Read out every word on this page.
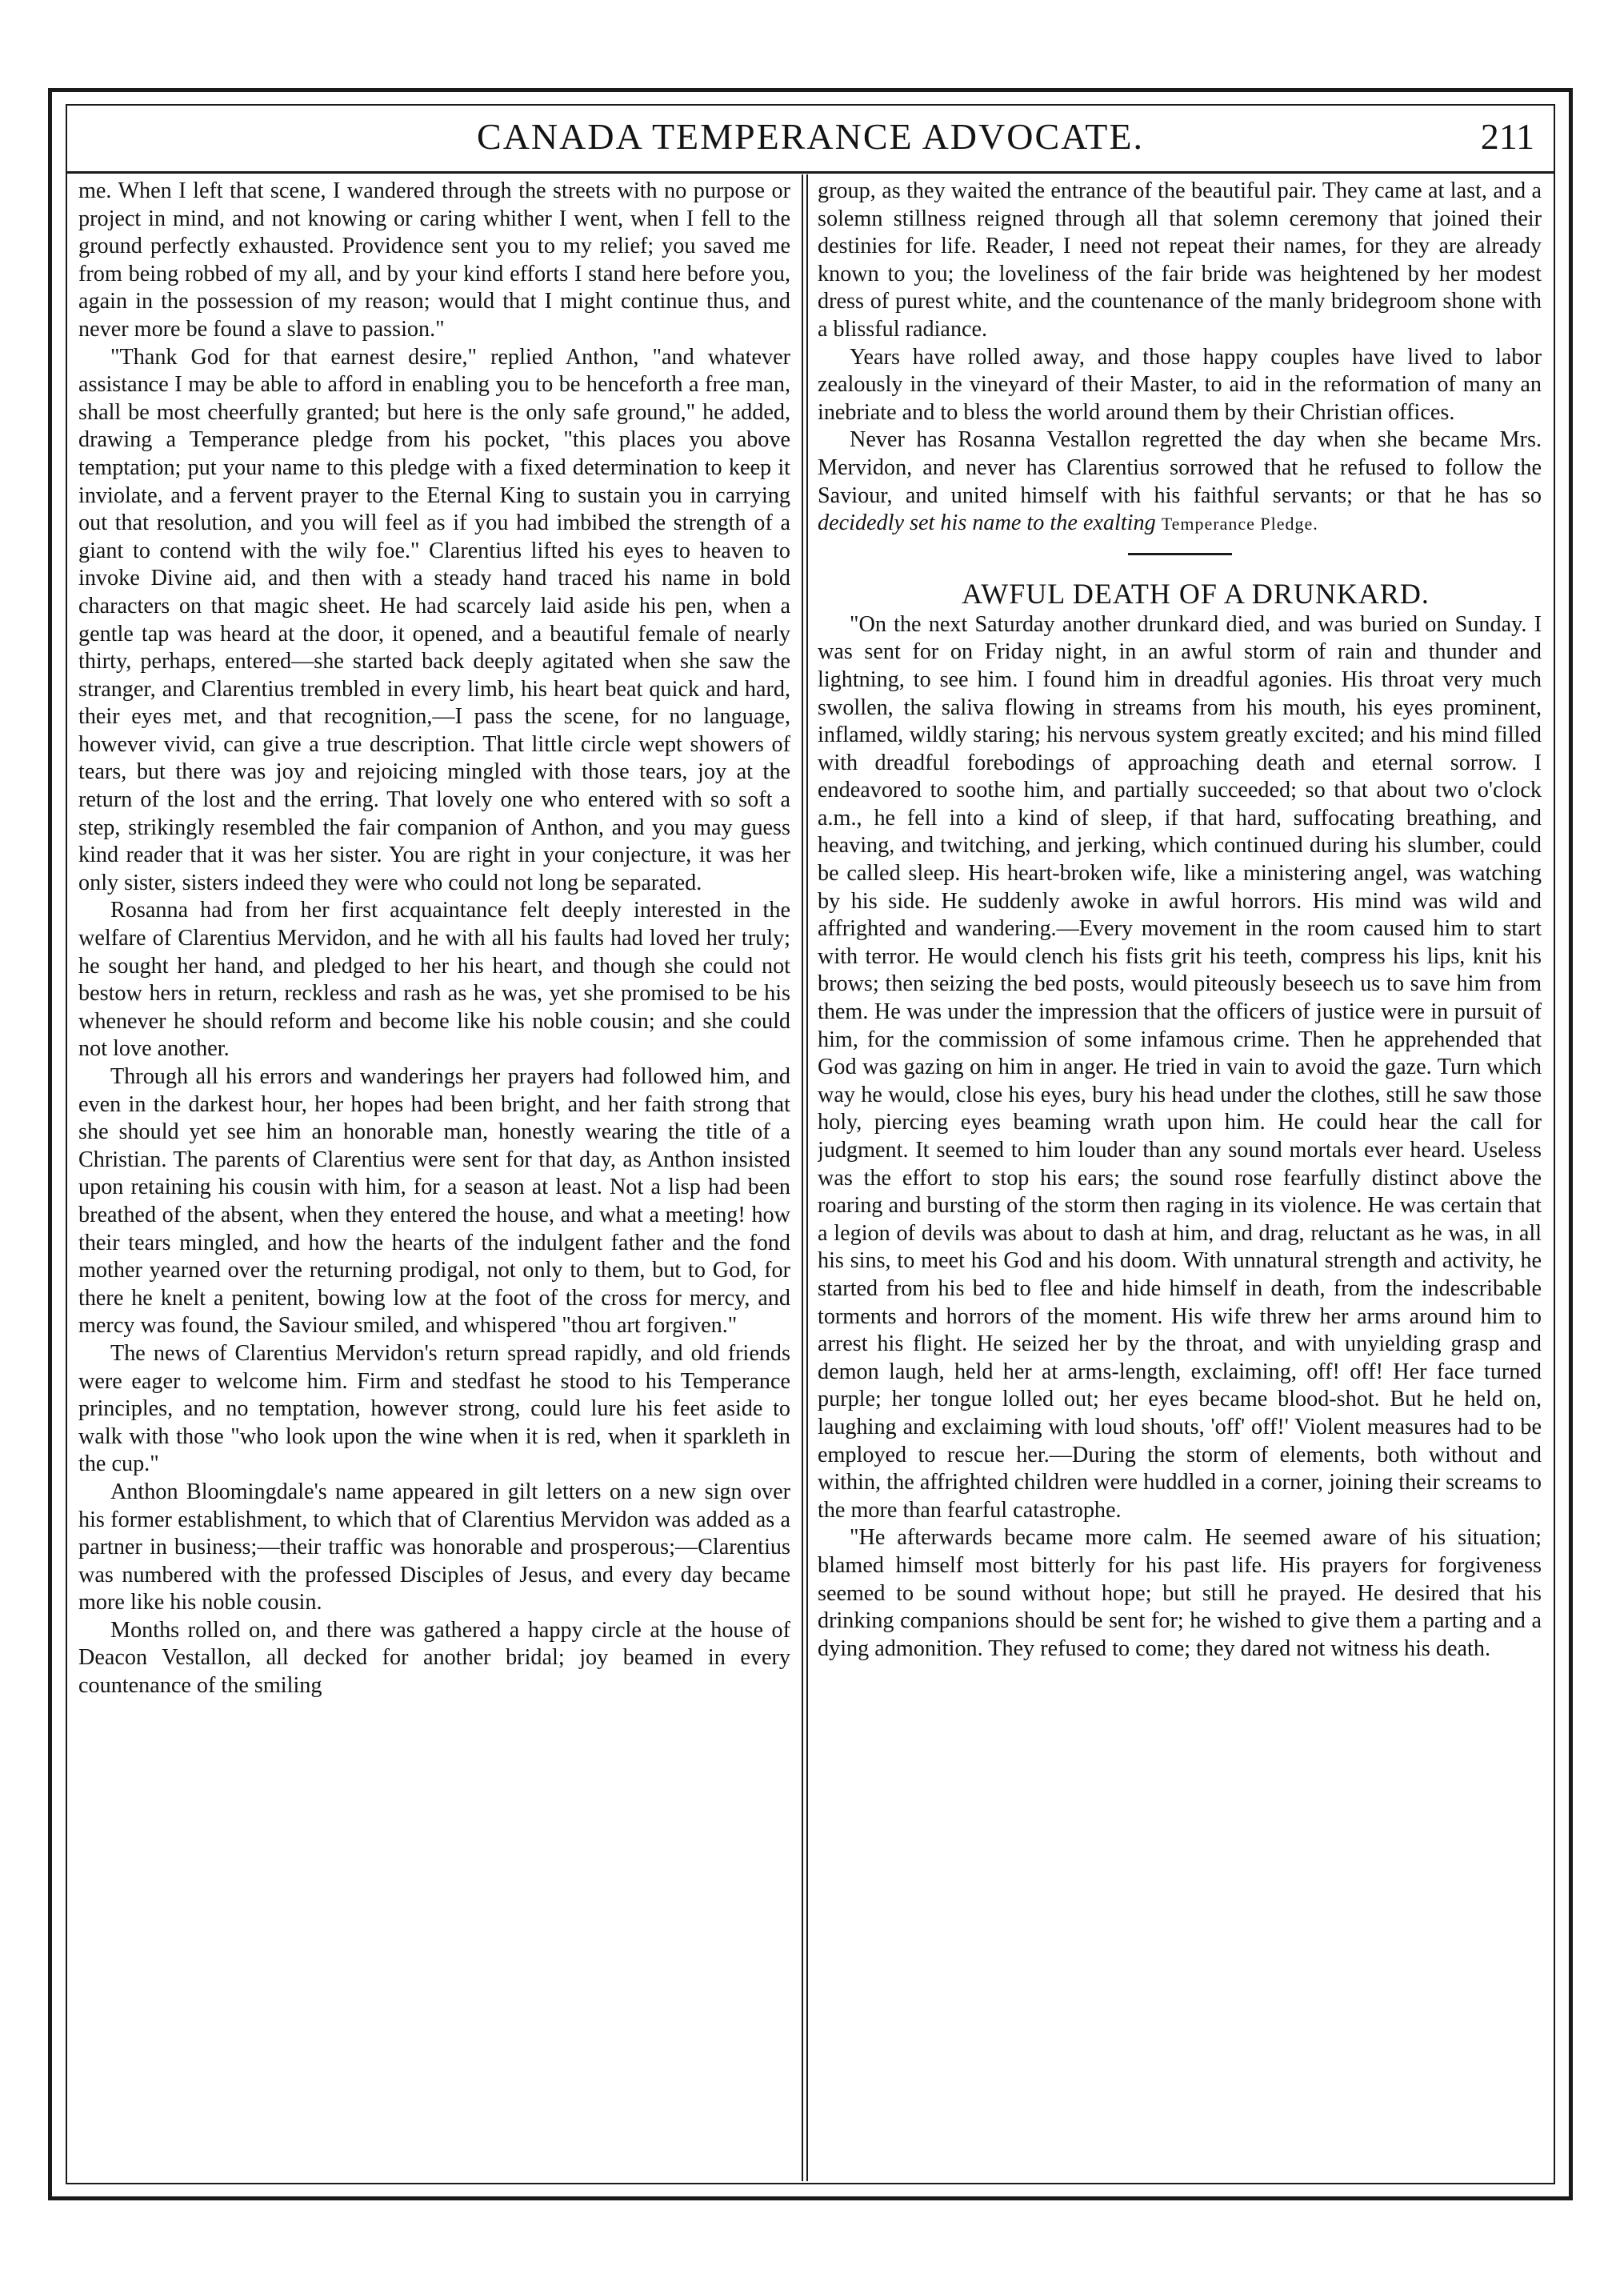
CANADA TEMPERANCE ADVOCATE.	211

me. When I left that scene, I wandered through the streets with no purpose or project in mind, and not knowing or caring whither I went, when I fell to the ground perfectly exhausted. Providence sent you to my relief; you saved me from being robbed of my all, and by your kind efforts I stand here before you, again in the possession of my reason; would that I might continue thus, and never more be found a slave to passion."

"Thank God for that earnest desire," replied Anthon, "and whatever assistance I may be able to afford in enabling you to be henceforth a free man, shall be most cheerfully granted; but here is the only safe ground," he added, drawing a Temperance pledge from his pocket, "this places you above temptation; put your name to this pledge with a fixed determination to keep it inviolate, and a fervent prayer to the Eternal King to sustain you in carrying out that resolution, and you will feel as if you had imbibed the strength of a giant to contend with the wily foe." Clarentius lifted his eyes to heaven to invoke Divine aid, and then with a steady hand traced his name in bold characters on that magic sheet. He had scarcely laid aside his pen, when a gentle tap was heard at the door, it opened, and a beautiful female of nearly thirty, perhaps, entered—she started back deeply agitated when she saw the stranger, and Clarentius trembled in every limb, his heart beat quick and hard, their eyes met, and that recognition,—I pass the scene, for no language, however vivid, can give a true description. That little circle wept showers of tears, but there was joy and rejoicing mingled with those tears, joy at the return of the lost and the erring. That lovely one who entered with so soft a step, strikingly resembled the fair companion of Anthon, and you may guess kind reader that it was her sister. You are right in your conjecture, it was her only sister, sisters indeed they were who could not long be separated.

Rosanna had from her first acquaintance felt deeply interested in the welfare of Clarentius Mervidon, and he with all his faults had loved her truly; he sought her hand, and pledged to her his heart, and though she could not bestow hers in return, reckless and rash as he was, yet she promised to be his whenever he should reform and become like his noble cousin; and she could not love another.

Through all his errors and wanderings her prayers had followed him, and even in the darkest hour, her hopes had been bright, and her faith strong that she should yet see him an honorable man, honestly wearing the title of a Christian. The parents of Clarentius were sent for that day, as Anthon insisted upon retaining his cousin with him, for a season at least. Not a lisp had been breathed of the absent, when they entered the house, and what a meeting! how their tears mingled, and how the hearts of the indulgent father and the fond mother yearned over the returning prodigal, not only to them, but to God, for there he knelt a penitent, bowing low at the foot of the cross for mercy, and mercy was found, the Saviour smiled, and whispered "thou art forgiven."

The news of Clarentius Mervidon's return spread rapidly, and old friends were eager to welcome him. Firm and stedfast he stood to his Temperance principles, and no temptation, however strong, could lure his feet aside to walk with those "who look upon the wine when it is red, when it sparkleth in the cup."

Anthon Bloomingdale's name appeared in gilt letters on a new sign over his former establishment, to which that of Clarentius Mervidon was added as a partner in business;—their traffic was honorable and prosperous;—Clarentius was numbered with the professed Disciples of Jesus, and every day became more like his noble cousin.

Months rolled on, and there was gathered a happy circle at the house of Deacon Vestallon, all decked for another bridal; joy beamed in every countenance of the smiling

group, as they waited the entrance of the beautiful pair. They came at last, and a solemn stillness reigned through all that solemn ceremony that joined their destinies for life. Reader, I need not repeat their names, for they are already known to you; the loveliness of the fair bride was heightened by her modest dress of purest white, and the countenance of the manly bridegroom shone with a blissful radiance.

Years have rolled away, and those happy couples have lived to labor zealously in the vineyard of their Master, to aid in the reformation of many an inebriate and to bless the world around them by their Christian offices.

Never has Rosanna Vestallon regretted the day when she became Mrs. Mervidon, and never has Clarentius sorrowed that he refused to follow the Saviour, and united himself with his faithful servants; or that he has so decidedly set his name to the exalting Temperance Pledge.

AWFUL DEATH OF A DRUNKARD.

"On the next Saturday another drunkard died, and was buried on Sunday. I was sent for on Friday night, in an awful storm of rain and thunder and lightning, to see him. I found him in dreadful agonies. His throat very much swollen, the saliva flowing in streams from his mouth, his eyes prominent, inflamed, wildly staring; his nervous system greatly excited; and his mind filled with dreadful forebodings of approaching death and eternal sorrow. I endeavored to soothe him, and partially succeeded; so that about two o'clock a.m., he fell into a kind of sleep, if that hard, suffocating breathing, and heaving, and twitching, and jerking, which continued during his slumber, could be called sleep. His heart-broken wife, like a ministering angel, was watching by his side. He suddenly awoke in awful horrors. His mind was wild and affrighted and wandering.—Every movement in the room caused him to start with terror. He would clench his fists grit his teeth, compress his lips, knit his brows; then seizing the bed posts, would piteously beseech us to save him from them. He was under the impression that the officers of justice were in pursuit of him, for the commission of some infamous crime. Then he apprehended that God was gazing on him in anger. He tried in vain to avoid the gaze. Turn which way he would, close his eyes, bury his head under the clothes, still he saw those holy, piercing eyes beaming wrath upon him. He could hear the call for judgment. It seemed to him louder than any sound mortals ever heard. Useless was the effort to stop his ears; the sound rose fearfully distinct above the roaring and bursting of the storm then raging in its violence. He was certain that a legion of devils was about to dash at him, and drag, reluctant as he was, in all his sins, to meet his God and his doom. With unnatural strength and activity, he started from his bed to flee and hide himself in death, from the indescribable torments and horrors of the moment. His wife threw her arms around him to arrest his flight. He seized her by the throat, and with unyielding grasp and demon laugh, held her at arms-length, exclaiming, off! off! Her face turned purple; her tongue lolled out; her eyes became blood-shot. But he held on, laughing and exclaiming with loud shouts, 'off' off!' Violent measures had to be employed to rescue her.—During the storm of elements, both without and within, the affrighted children were huddled in a corner, joining their screams to the more than fearful catastrophe.

"He afterwards became more calm. He seemed aware of his situation; blamed himself most bitterly for his past life. His prayers for forgiveness seemed to be sound without hope; but still he prayed. He desired that his drinking companions should be sent for; he wished to give them a parting and a dying admonition. They refused to come; they dared not witness his death.
